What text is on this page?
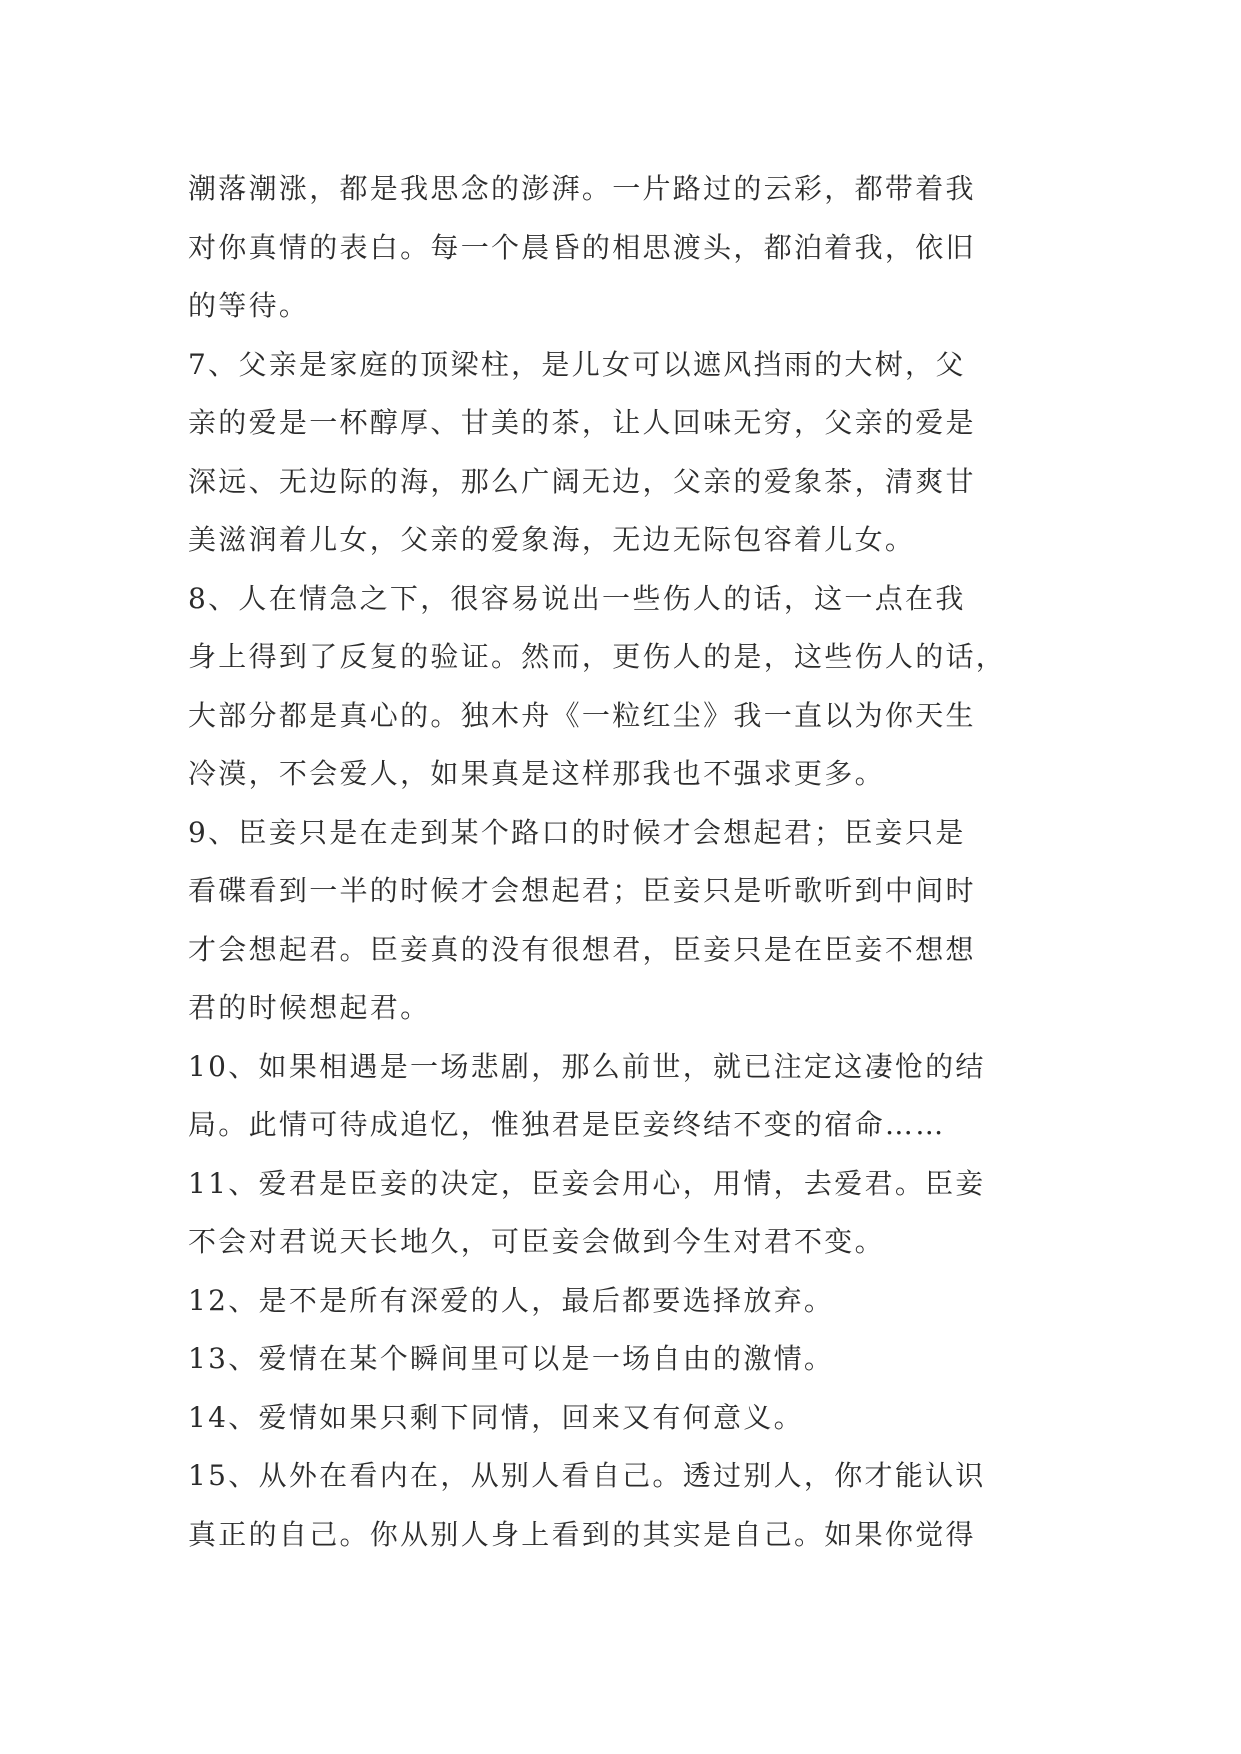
潮落潮涨，都是我思念的澎湃。一片路过的云彩，都带着我
对你真情的表白。每一个晨昏的相思渡头，都泊着我，依旧
的等待。
7、父亲是家庭的顶梁柱，是儿女可以遮风挡雨的大树，父
亲的爱是一杯醇厚、甘美的茶，让人回味无穷，父亲的爱是
深远、无边际的海，那么广阔无边，父亲的爱象茶，清爽甘
美滋润着儿女，父亲的爱象海，无边无际包容着儿女。
8、人在情急之下，很容易说出一些伤人的话，这一点在我
身上得到了反复的验证。然而，更伤人的是，这些伤人的话，
大部分都是真心的。独木舟《一粒红尘》我一直以为你天生
冷漠，不会爱人，如果真是这样那我也不强求更多。
9、臣妾只是在走到某个路口的时候才会想起君；臣妾只是
看碟看到一半的时候才会想起君；臣妾只是听歌听到中间时
才会想起君。臣妾真的没有很想君，臣妾只是在臣妾不想想
君的时候想起君。
10、如果相遇是一场悲剧，那么前世，就已注定这凄怆的结
局。此情可待成追忆，惟独君是臣妾终结不变的宿命……
11、爱君是臣妾的决定，臣妾会用心，用情，去爱君。臣妾
不会对君说天长地久，可臣妾会做到今生对君不变。
12、是不是所有深爱的人，最后都要选择放弃。
13、爱情在某个瞬间里可以是一场自由的激情。
14、爱情如果只剩下同情，回来又有何意义。
15、从外在看内在，从别人看自己。透过别人，你才能认识
真正的自己。你从别人身上看到的其实是自己。如果你觉得
